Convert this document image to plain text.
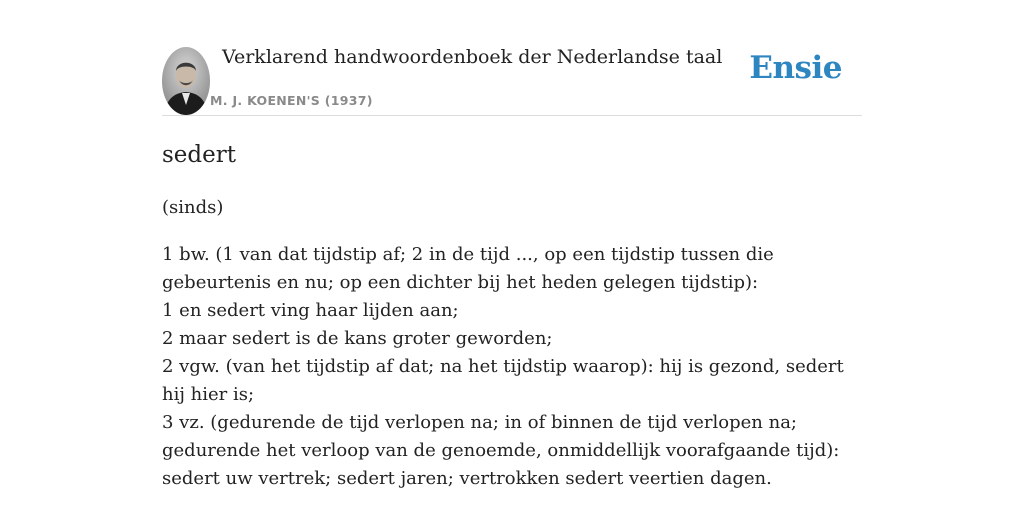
Verklarend handwoordenboek der Nederlandse taal
M. J. KOENEN'S (1937)
Ensie
sedert
(sinds)
1 bw. (1 van dat tijdstip af; 2 in de tijd ..., op een tijdstip tussen die gebeurtenis en nu; op een dichter bij het heden gelegen tijdstip):
1 en sedert ving haar lijden aan;
2 maar sedert is de kans groter geworden;
2 vgw. (van het tijdstip af dat; na het tijdstip waarop): hij is gezond, sedert hij hier is;
3 vz. (gedurende de tijd verlopen na; in of binnen de tijd verlopen na; gedurende het verloop van de genoemde, onmiddellijk voorafgaande tijd): sedert uw vertrek; sedert jaren; vertrokken sedert veertien dagen.
